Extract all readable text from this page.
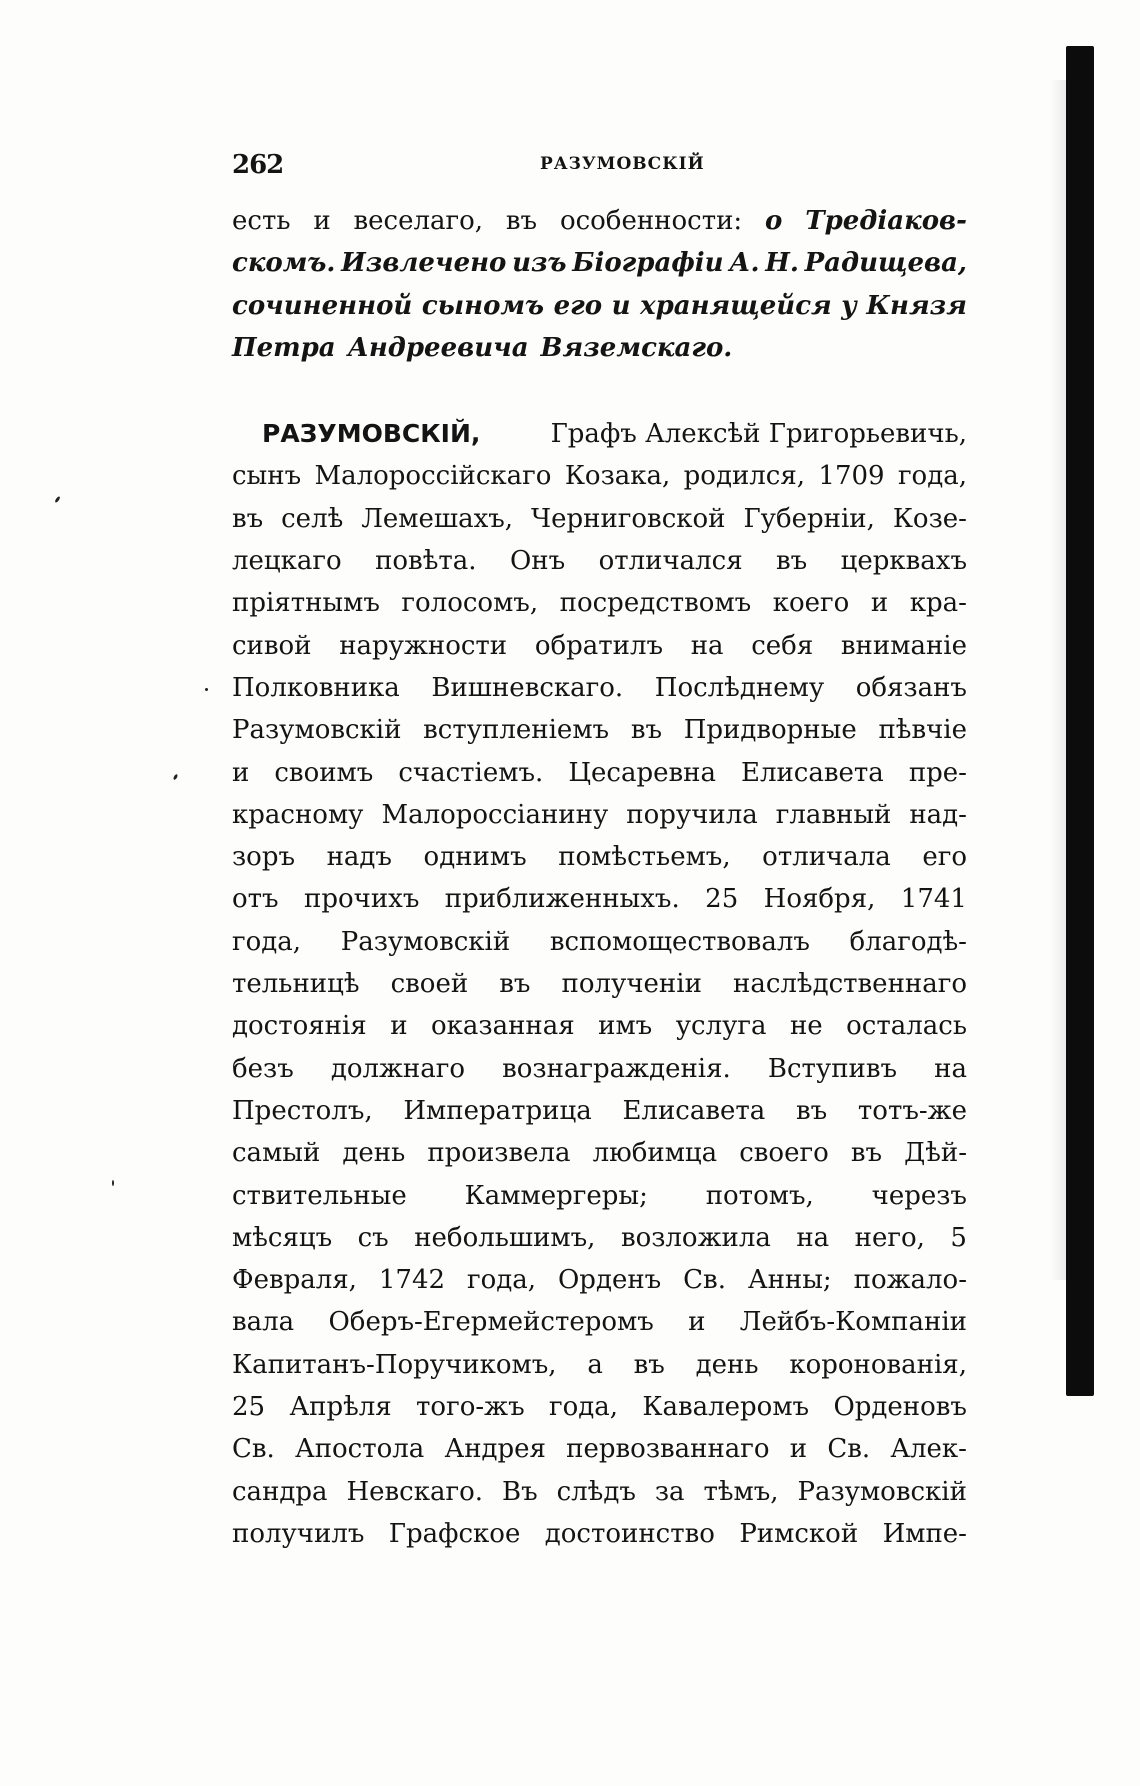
262	РАЗУМОВСКІЙ
есть и веселаго, въ особенности: о Тредіаков-
скомъ. Извлечено изъ Біографіи А. Н. Радищева,
сочиненной сыномъ его и хранящейся у Князя
Петра Андреевича Вяземскаго.
РАЗУМОВСКІЙ,	Графъ Алексѣй Григорьевичь,
сынъ Малороссійскаго Козака, родился, 1709 года,
въ селѣ Лемешахъ, Черниговской Губерніи, Козе-
лецкаго повѣта. Онъ отличался въ церквахъ
пріятнымъ голосомъ, посредствомъ коего и кра-
сивой наружности обратилъ на себя вниманіе
Полковника Вишневскаго. Послѣднему обязанъ
Разумовскій вступленіемъ въ Придворные пѣвчіе
и своимъ счастіемъ. Цесаревна Елисавета пре-
красному Малороссіанину поручила главный над-
зоръ надъ однимъ помѣстьемъ, отличала его
отъ прочихъ приближенныхъ. 25 Ноября, 1741
года, Разумовскій вспомоществовалъ благодѣ-
тельницѣ своей въ полученіи наслѣдственнаго
достоянія и оказанная имъ услуга не осталась
безъ должнаго вознагражденія. Вступивъ на
Престолъ, Императрица Елисавета въ тотъ-же
самый день произвела любимца своего въ Дѣй-
ствительные Каммергеры; потомъ, черезъ
мѣсяцъ съ небольшимъ, возложила на него, 5
Февраля, 1742 года, Орденъ Св. Анны; пожало-
вала Оберъ-Егермейстеромъ и Лейбъ-Компаніи
Капитанъ-Поручикомъ, а въ день коронованія,
25 Апрѣля того-жъ года, Кавалеромъ Орденовъ
Св. Апостола Андрея первозваннаго и Св. Алек-
сандра Невскаго. Въ слѣдъ за тѣмъ, Разумовскій
получилъ Графское достоинство Римской Импе-
